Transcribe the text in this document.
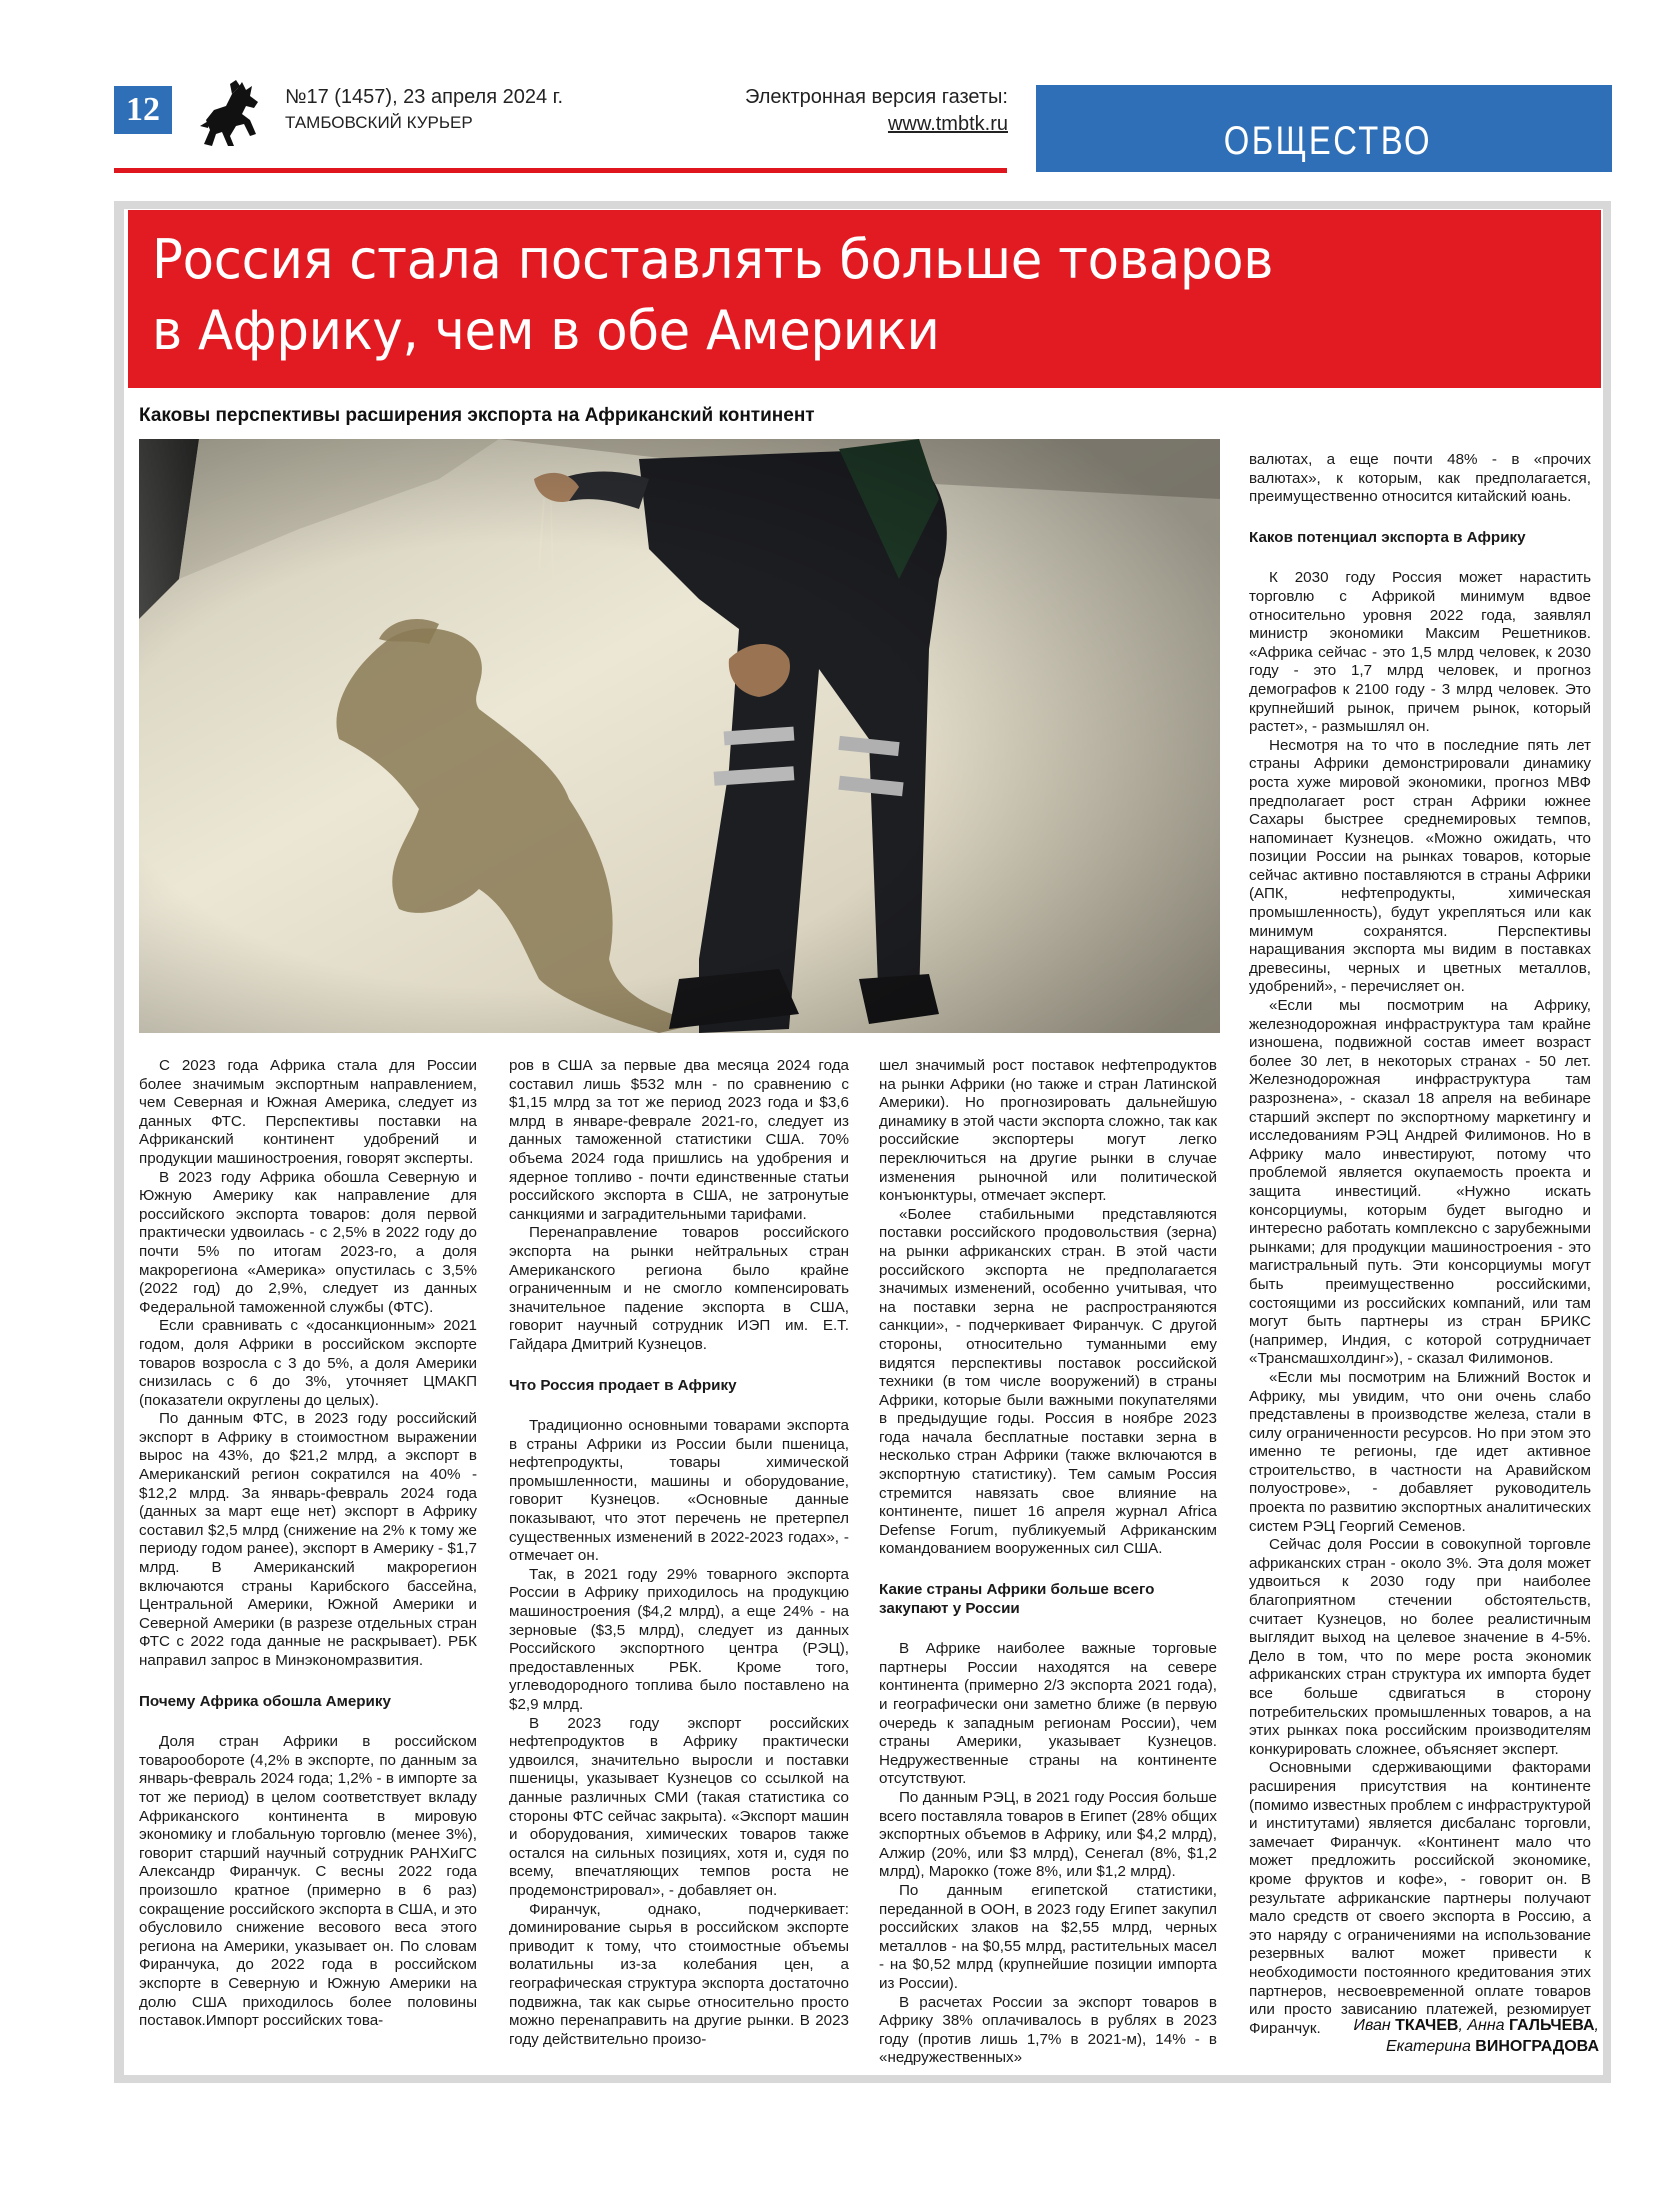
12	№17 (1457), 23 апреля 2024 г.
ТАМБОВСКИЙ КУРЬЕР
Электронная версия газеты:
www.tmbtk.ru	ОБЩЕСТВО
Россия стала поставлять больше товаров
в Африку, чем в обе Америки
Каковы перспективы расширения экспорта на Африканский континент

С 2023 года Африка стала для России более значимым экспортным направлением, чем Северная и Южная Америка, следует из данных ФТС. Перспективы поставки на Африканский континент удобрений и продукции машиностроения, говорят эксперты.

В 2023 году Африка обошла Северную и Южную Америку как направление для российского экспорта товаров: доля первой практически удвоилась - с 2,5% в 2022 году до почти 5% по итогам 2023-го, а доля макрорегиона «Америка» опустилась с 3,5% (2022 год) до 2,9%, следует из данных Федеральной таможенной службы (ФТС).

Если сравнивать с «досанкционным» 2021 годом, доля Африки в российском экспорте товаров возросла с 3 до 5%, а доля Америки снизилась с 6 до 3%, уточняет ЦМАКП (показатели округлены до целых).

По данным ФТС, в 2023 году российский экспорт в Африку в стоимостном выражении вырос на 43%, до $21,2 млрд, а экспорт в Американский регион сократился на 40% - $12,2 млрд. За январь-февраль 2024 года (данных за март еще нет) экспорт в Африку составил $2,5 млрд (снижение на 2% к тому же периоду годом ранее), экспорт в Америку - $1,7 млрд. В Американский макрорегион включаются страны Карибского бассейна, Центральной Америки, Южной Америки и Северной Америки (в разрезе отдельных стран ФТС с 2022 года данные не раскрывает). РБК направил запрос в Минэкономразвития.

Почему Африка обошла Америку

Доля стран Африки в российском товарообороте (4,2% в экспорте, по данным за январь-февраль 2024 года; 1,2% - в импорте за тот же период) в целом соответствует вкладу Африканского континента в мировую экономику и глобальную торговлю (менее 3%), говорит старший научный сотрудник РАНХиГС Александр Фиранчук. С весны 2022 года произошло кратное (примерно в 6 раз) сокращение российского экспорта в США, и это обусловило снижение весового веса этого региона на Америки, указывает он. По словам Фиранчука, до 2022 года в российском экспорте в Северную и Южную Америки на долю США приходилось более половины поставок.Импорт российских това-

ров в США за первые два месяца 2024 года составил лишь $532 млн - по сравнению с $1,15 млрд за тот же период 2023 года и $3,6 млрд в январе-феврале 2021-го, следует из данных таможенной статистики США. 70% объема 2024 года пришлись на удобрения и ядерное топливо - почти единственные статьи российского экспорта в США, не затронутые санкциями и заградительными тарифами.

Перенаправление товаров российского экспорта на рынки нейтральных стран Американского региона было крайне ограниченным и не смогло компенсировать значительное падение экспорта в США, говорит научный сотрудник ИЭП им. Е.Т. Гайдара Дмитрий Кузнецов.

Что Россия продает в Африку

Традиционно основными товарами экспорта в страны Африки из России были пшеница, нефтепродукты, товары химической промышленности, машины и оборудование, говорит Кузнецов. «Основные данные показывают, что этот перечень не претерпел существенных изменений в 2022-2023 годах», - отмечает он.

Так, в 2021 году 29% товарного экспорта России в Африку приходилось на продукцию машиностроения ($4,2 млрд), а еще 24% - на зерновые ($3,5 млрд), следует из данных Российского экспортного центра (РЭЦ), предоставленных РБК. Кроме того, углеводородного топлива было поставлено на $2,9 млрд.

В 2023 году экспорт российских нефтепродуктов в Африку практически удвоился, значительно выросли и поставки пшеницы, указывает Кузнецов со ссылкой на данные различных СМИ (такая статистика со стороны ФТС сейчас закрыта). «Экспорт машин и оборудования, химических товаров также остался на сильных позициях, хотя и, судя по всему, впечатляющих темпов роста не продемонстрировал», - добавляет он.

Фиранчук, однако, подчеркивает: доминирование сырья в российском экспорте приводит к тому, что стоимостные объемы волатильны из-за колебания цен, а географическая структура экспорта достаточно подвижна, так как сырье относительно просто можно перенаправить на другие рынки. В 2023 году действительно произо-

шел значимый рост поставок нефтепродуктов на рынки Африки (но также и стран Латинской Америки). Но прогнозировать дальнейшую динамику в этой части экспорта сложно, так как российские экспортеры могут легко переключиться на другие рынки в случае изменения рыночной или политической конъюнктуры, отмечает эксперт.

«Более стабильными представляются поставки российского продовольствия (зерна) на рынки африканских стран. В этой части российского экспорта не предполагается значимых изменений, особенно учитывая, что на поставки зерна не распространяются санкции», - подчеркивает Фиранчук. С другой стороны, относительно туманными ему видятся перспективы поставок российской техники (в том числе вооружений) в страны Африки, которые были важными покупателями в предыдущие годы. Россия в ноябре 2023 года начала бесплатные поставки зерна в несколько стран Африки (также включаются в экспортную статистику). Тем самым Россия стремится навязать свое влияние на континенте, пишет 16 апреля журнал Africa Defense Forum, публикуемый Африканским командованием вооруженных сил США.

Какие страны Африки больше всего закупают у России

В Африке наиболее важные торговые партнеры России находятся на севере континента (примерно 2/3 экспорта 2021 года), и географически они заметно ближе (в первую очередь к западным регионам России), чем страны Америки, указывает Кузнецов. Недружественные страны на континенте отсутствуют.

По данным РЭЦ, в 2021 году Россия больше всего поставляла товаров в Египет (28% общих экспортных объемов в Африку, или $4,2 млрд), Алжир (20%, или $3 млрд), Сенегал (8%, $1,2 млрд), Марокко (тоже 8%, или $1,2 млрд).

По данным египетской статистики, переданной в ООН, в 2023 году Египет закупил российских злаков на $2,55 млрд, черных металлов - на $0,55 млрд, растительных масел - на $0,52 млрд (крупнейшие позиции импорта из России).

В расчетах России за экспорт товаров в Африку 38% оплачивалось в рублях в 2023 году (против лишь 1,7% в 2021-м), 14% - в «недружественных»

валютах, а еще почти 48% - в «прочих валютах», к которым, как предполагается, преимущественно относится китайский юань.

Каков потенциал экспорта в Африку

К 2030 году Россия может нарастить торговлю с Африкой минимум вдвое относительно уровня 2022 года, заявлял министр экономики Максим Решетников. «Африка сейчас - это 1,5 млрд человек, к 2030 году - это 1,7 млрд человек, и прогноз демографов к 2100 году - 3 млрд человек. Это крупнейший рынок, причем рынок, который растет», - размышлял он.

Несмотря на то что в последние пять лет страны Африки демонстрировали динамику роста хуже мировой экономики, прогноз МВФ предполагает рост стран Африки южнее Сахары быстрее среднемировых темпов, напоминает Кузнецов. «Можно ожидать, что позиции России на рынках товаров, которые сейчас активно поставляются в страны Африки (АПК, нефтепродукты, химическая промышленность), будут укрепляться или как минимум сохранятся. Перспективы наращивания экспорта мы видим в поставках древесины, черных и цветных металлов, удобрений», - перечисляет он.

«Если мы посмотрим на Африку, железнодорожная инфраструктура там крайне изношена, подвижной состав имеет возраст более 30 лет, в некоторых странах - 50 лет. Железнодорожная инфраструктура там разрознена», - сказал 18 апреля на вебинаре старший эксперт по экспортному маркетингу и исследованиям РЭЦ Андрей Филимонов. Но в Африку мало инвестируют, потому что проблемой является окупаемость проекта и защита инвестиций. «Нужно искать консорциумы, которым будет выгодно и интересно работать комплексно с зарубежными рынками; для продукции машиностроения - это магистральный путь. Эти консорциумы могут быть преимущественно российскими, состоящими из российских компаний, или там могут быть партнеры из стран БРИКС (например, Индия, с которой сотрудничает «Трансмашхолдинг»), - сказал Филимонов.

«Если мы посмотрим на Ближний Восток и Африку, мы увидим, что они очень слабо представлены в производстве железа, стали в силу ограниченности ресурсов. Но при этом это именно те регионы, где идет активное строительство, в частности на Аравийском полуострове», - добавляет руководитель проекта по развитию экспортных аналитических систем РЭЦ Георгий Семенов.

Сейчас доля России в совокупной торговле африканских стран - около 3%. Эта доля может удвоиться к 2030 году при наиболее благоприятном стечении обстоятельств, считает Кузнецов, но более реалистичным выглядит выход на целевое значение в 4-5%. Дело в том, что по мере роста экономик африканских стран структура их импорта будет все больше сдвигаться в сторону потребительских промышленных товаров, а на этих рынках пока российским производителям конкурировать сложнее, объясняет эксперт.

Основными сдерживающими факторами расширения присутствия на континенте (помимо известных проблем с инфраструктурой и институтами) является дисбаланс торговли, замечает Фиранчук. «Континент мало что может предложить российской экономике, кроме фруктов и кофе», - говорит он. В результате африканские партнеры получают мало средств от своего экспорта в Россию, а это наряду с ограничениями на использование резервных валют может привести к необходимости постоянного кредитования этих партнеров, несвоевременной оплате товаров или просто зависанию платежей, резюмирует Фиранчук.	Иван ТКАЧЕВ, Анна ГАЛЬЧЕВА,
Екатерина ВИНОГРАДОВА
